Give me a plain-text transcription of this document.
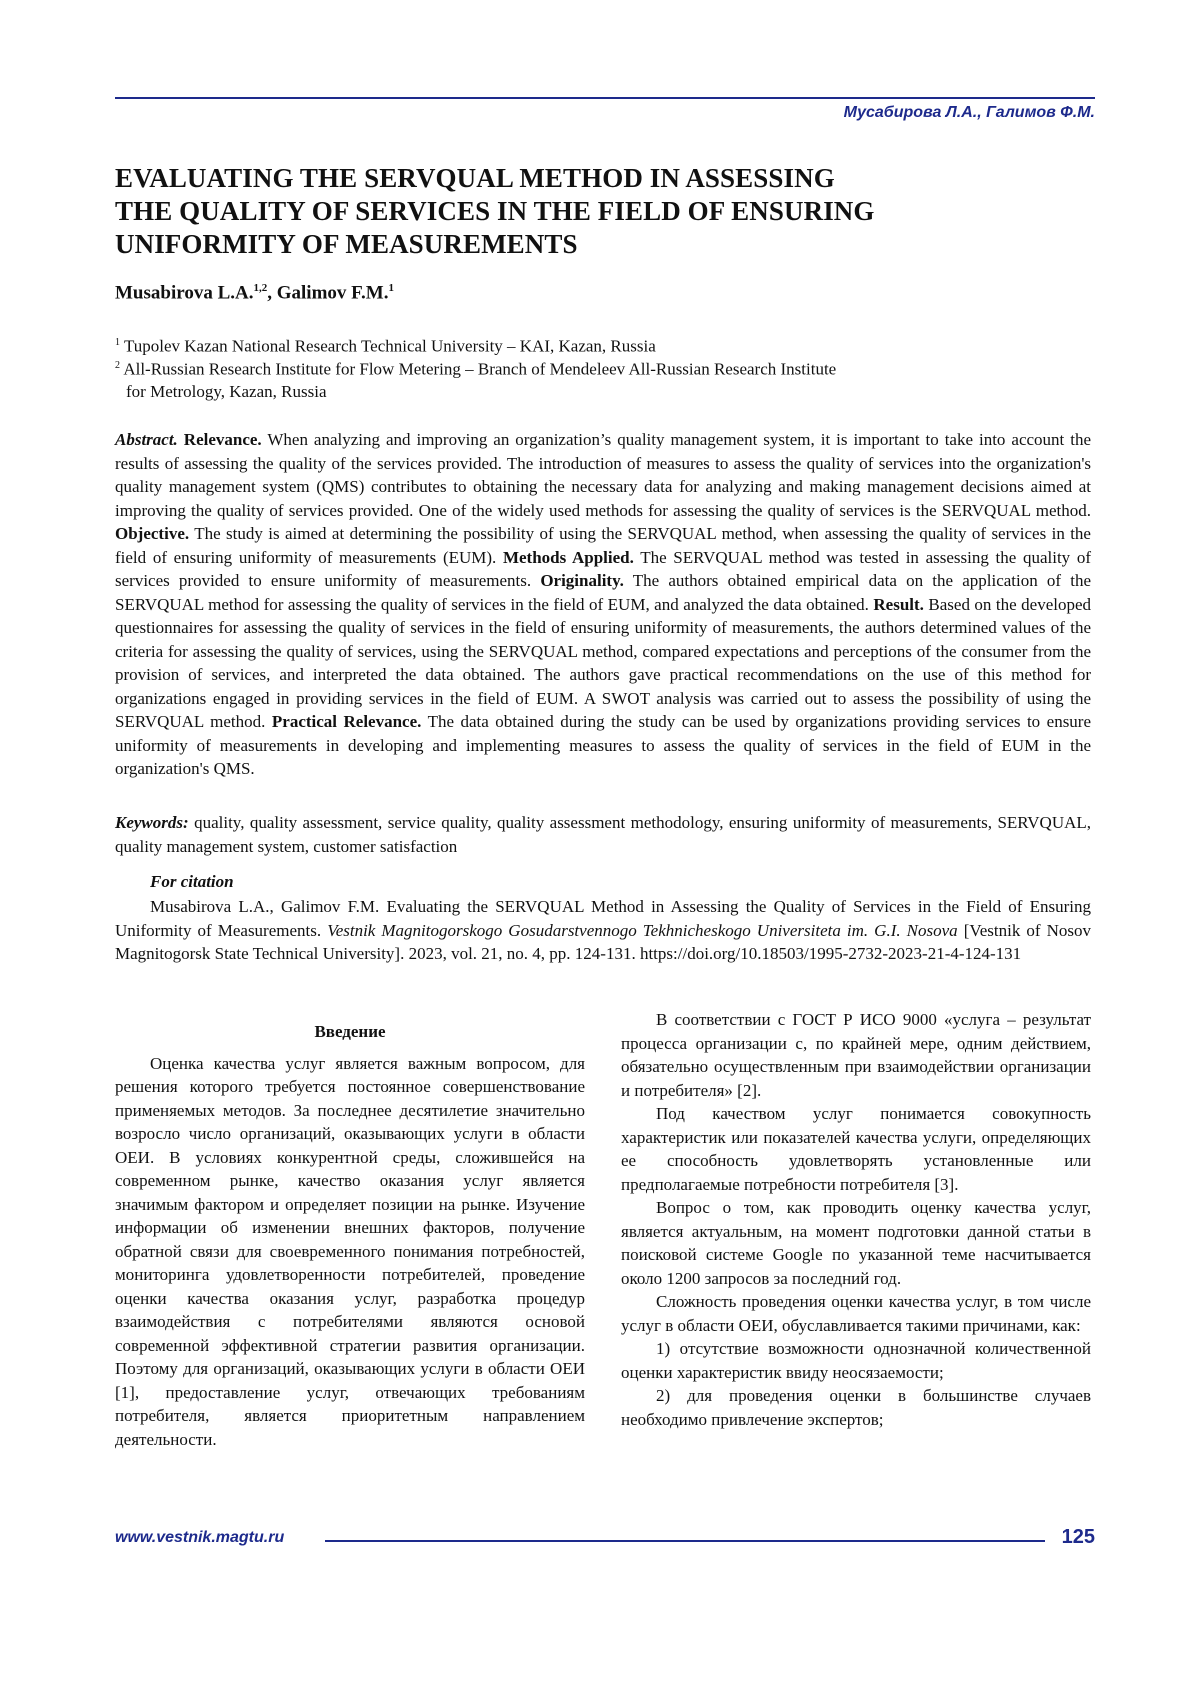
Мусабирова Л.А., Галимов Ф.М.
EVALUATING THE SERVQUAL METHOD IN ASSESSING
THE QUALITY OF SERVICES IN THE FIELD OF ENSURING
UNIFORMITY OF MEASUREMENTS
Musabirova L.A.1,2, Galimov F.M.1
1 Tupolev Kazan National Research Technical University – KAI, Kazan, Russia
2 All-Russian Research Institute for Flow Metering – Branch of Mendeleev All-Russian Research Institute
for Metrology, Kazan, Russia
Abstract. Relevance. When analyzing and improving an organization’s quality management system, it is important to take into account the results of assessing the quality of the services provided. The introduction of measures to assess the quality of services into the organization's quality management system (QMS) contributes to obtaining the necessary data for analyzing and making management decisions aimed at improving the quality of services provided. One of the widely used methods for assessing the quality of services is the SERVQUAL method. Objective. The study is aimed at determining the possibility of using the SERVQUAL method, when assessing the quality of services in the field of ensuring uniformity of measurements (EUM). Methods Applied. The SERVQUAL method was tested in assessing the quality of services provided to ensure uniformity of measurements. Originality. The authors obtained empirical data on the application of the SERVQUAL method for assessing the quality of services in the field of EUM, and analyzed the data obtained. Result. Based on the developed questionnaires for assessing the quality of services in the field of ensuring uniformity of measurements, the authors determined values of the criteria for assessing the quality of services, using the SERVQUAL method, compared expectations and perceptions of the consumer from the provision of services, and interpreted the data obtained. The authors gave practical recommendations on the use of this method for organizations engaged in providing services in the field of EUM. A SWOT analysis was carried out to assess the possibility of using the SERVQUAL method. Practical Relevance. The data obtained during the study can be used by organizations providing services to ensure uniformity of measurements in developing and implementing measures to assess the quality of services in the field of EUM in the organization's QMS.
Keywords: quality, quality assessment, service quality, quality assessment methodology, ensuring uniformity of measurements, SERVQUAL, quality management system, customer satisfaction
For citation
Musabirova L.A., Galimov F.M. Evaluating the SERVQUAL Method in Assessing the Quality of Services in the Field of Ensuring Uniformity of Measurements. Vestnik Magnitogorskogo Gosudarstvennogo Tekhnicheskogo Universiteta im. G.I. Nosova [Vestnik of Nosov Magnitogorsk State Technical University]. 2023, vol. 21, no. 4, pp. 124-131. https://doi.org/10.18503/1995-2732-2023-21-4-124-131
Введение

Оценка качества услуг является важным вопросом, для решения которого требуется постоянное совершенствование применяемых методов. За последнее десятилетие значительно возросло число организаций, оказывающих услуги в области ОЕИ. В условиях конкурентной среды, сложившейся на современном рынке, качество оказания услуг является значимым фактором и определяет позиции на рынке. Изучение информации об изменении внешних факторов, получение обратной связи для своевременного понимания потребностей, мониторинга удовлетворенности потребителей, проведение оценки качества оказания услуг, разработка процедур взаимодействия с потребителями являются основой современной эффективной стратегии развития организации. Поэтому для организаций, оказывающих услуги в области ОЕИ [1], предоставление услуг, отвечающих требованиям потребителя, является приоритетным направлением деятельности.

В соответствии с ГОСТ Р ИСО 9000 «услуга – результат процесса организации с, по крайней мере, одним действием, обязательно осуществленным при взаимодействии организации и потребителя» [2].

Под качеством услуг понимается совокупность характеристик или показателей качества услуги, определяющих ее способность удовлетворять установленные или предполагаемые потребности потребителя [3].

Вопрос о том, как проводить оценку качества услуг, является актуальным, на момент подготовки данной статьи в поисковой системе Google по указанной теме насчитывается около 1200 запросов за последний год.

Сложность проведения оценки качества услуг, в том числе услуг в области ОЕИ, обуславливается такими причинами, как:

1) отсутствие возможности однозначной количественной оценки характеристик ввиду неосязаемости;

2) для проведения оценки в большинстве случаев необходимо привлечение экспертов;

www.vestnik.magtu.ru	125
